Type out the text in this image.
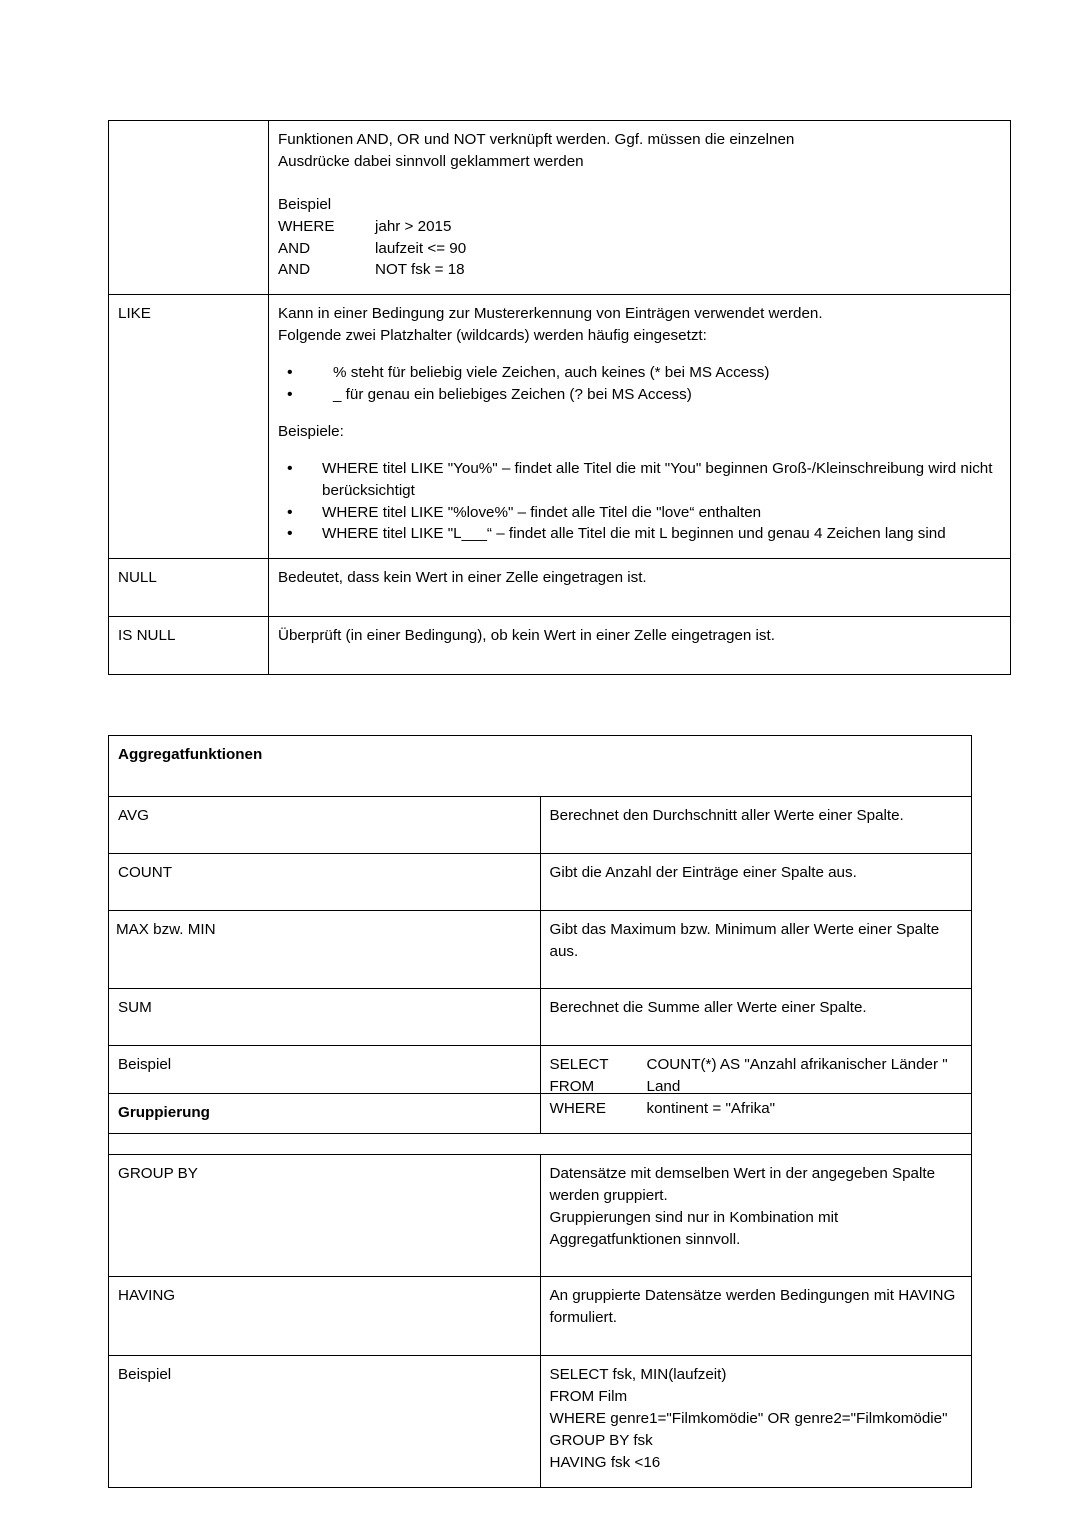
Funktionen AND, OR und NOT verknüpft werden. Ggf. müssen die einzelnen

Ausdrücke dabei sinnvoll geklammert werden

Beispiel

WHERE	jahr > 2015
AND	laufzeit <= 90
AND	NOT fsk = 18

LIKE	Kann in einer Bedingung zur Mustererkennung von Einträgen verwendet werden.

Folgende zwei Platzhalter (wildcards) werden häufig eingesetzt:

• % steht für beliebig viele Zeichen, auch keines (* bei MS Access)
• _ für genau ein beliebiges Zeichen (? bei MS Access)

Beispiele:

• WHERE titel LIKE "You%" – findet alle Titel die mit "You" beginnen Groß-/Kleinschreibung wird nicht berücksichtigt
• WHERE titel LIKE "%love%" – findet alle Titel die "love“ enthalten
• WHERE titel LIKE "L___“ – findet alle Titel die mit L beginnen und genau 4 Zeichen lang sind

NULL	Bedeutet, dass kein Wert in einer Zelle eingetragen ist.

IS NULL	Überprüft (in einer Bedingung), ob kein Wert in einer Zelle eingetragen ist.

Aggregatfunktionen	
AVG	Berechnet den Durchschnitt aller Werte einer Spalte.

COUNT	Gibt die Anzahl der Einträge einer Spalte aus.

MAX bzw. MIN	Gibt das Maximum bzw. Minimum aller Werte einer Spalte aus.

SUM	Berechnet die Summe aller Werte einer Spalte.

Beispiel	SELECT COUNT(*) AS "Anzahl afrikanischer Länder "
FROM Land
WHERE kontinent = "Afrika"
Gruppierung	
GROUP BY	Datensätze mit demselben Wert in der angegeben Spalte werden gruppiert.

Gruppierungen sind nur in Kombination mit Aggregatfunktionen sinnvoll.

HAVING	An gruppierte Datensätze werden Bedingungen mit HAVING formuliert.

Beispiel	SELECT fsk, MIN(laufzeit)

FROM Film

WHERE genre1="Filmkomödie" OR genre2="Filmkomödie"

GROUP BY fsk

HAVING fsk <16
